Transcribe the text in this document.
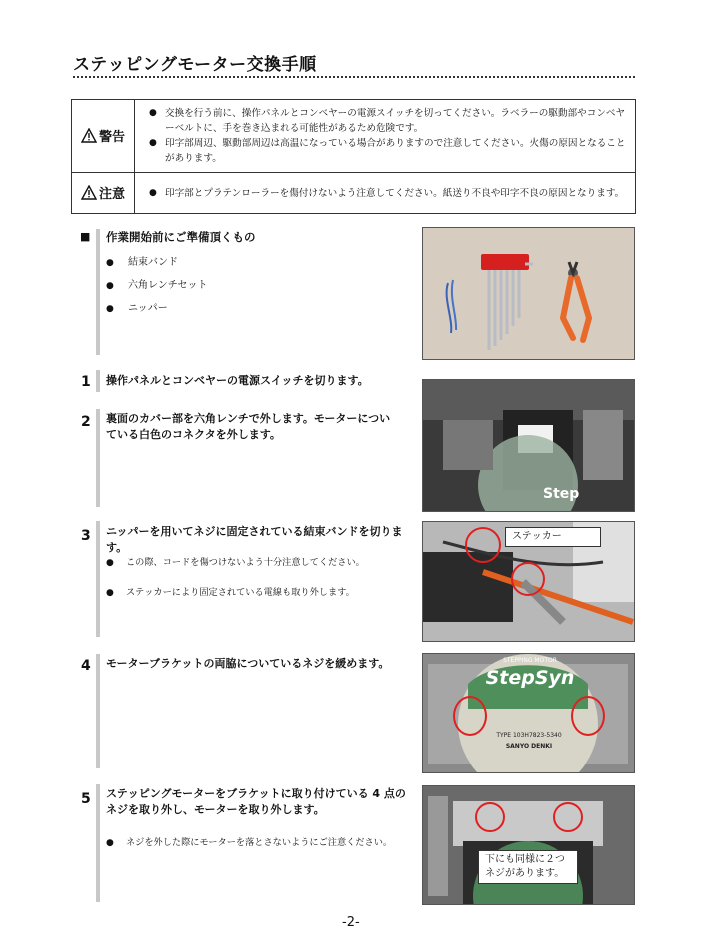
ステッピングモーター交換手順
警告	● 交換を行う前に、操作パネルとコンベヤーの電源スイッチを切ってください。ラベラーの駆動部やコンベヤーベルトに、手を巻き込まれる可能性があるため危険です。
● 印字部周辺、駆動部周辺は高温になっている場合がありますので注意してください。火傷の原因となることがあります。

注意	● 印字部とプラテンローラーを傷付けないよう注意してください。紙送り不良や印字不良の原因となります。
■ 作業開始前にご準備頂くもの
● 結束バンド
● 六角レンチセット
● ニッパー
1 操作パネルとコンベヤーの電源スイッチを切ります。
2 裏面のカバー部を六角レンチで外します。モーターについている白色のコネクタを外します。
Step
3 ニッパーを用いてネジに固定されている結束バンドを切ります。
● この際、コードを傷つけないよう十分注意してください。
● ステッカーにより固定されている電線も取り外します。
ステッカー
4 モーターブラケットの両脇についているネジを緩めます。	STEPPING MOTOR
StepSyn
TYPE 103H7823-5340
SANYO DENKI
5 ステッピングモーターをブラケットに取り付けている 4 点のネジを取り外し、モーターを取り外します。
● ネジを外した際にモーターを落とさないようにご注意ください。
下にも同様に２つネジがあります。
-2-
